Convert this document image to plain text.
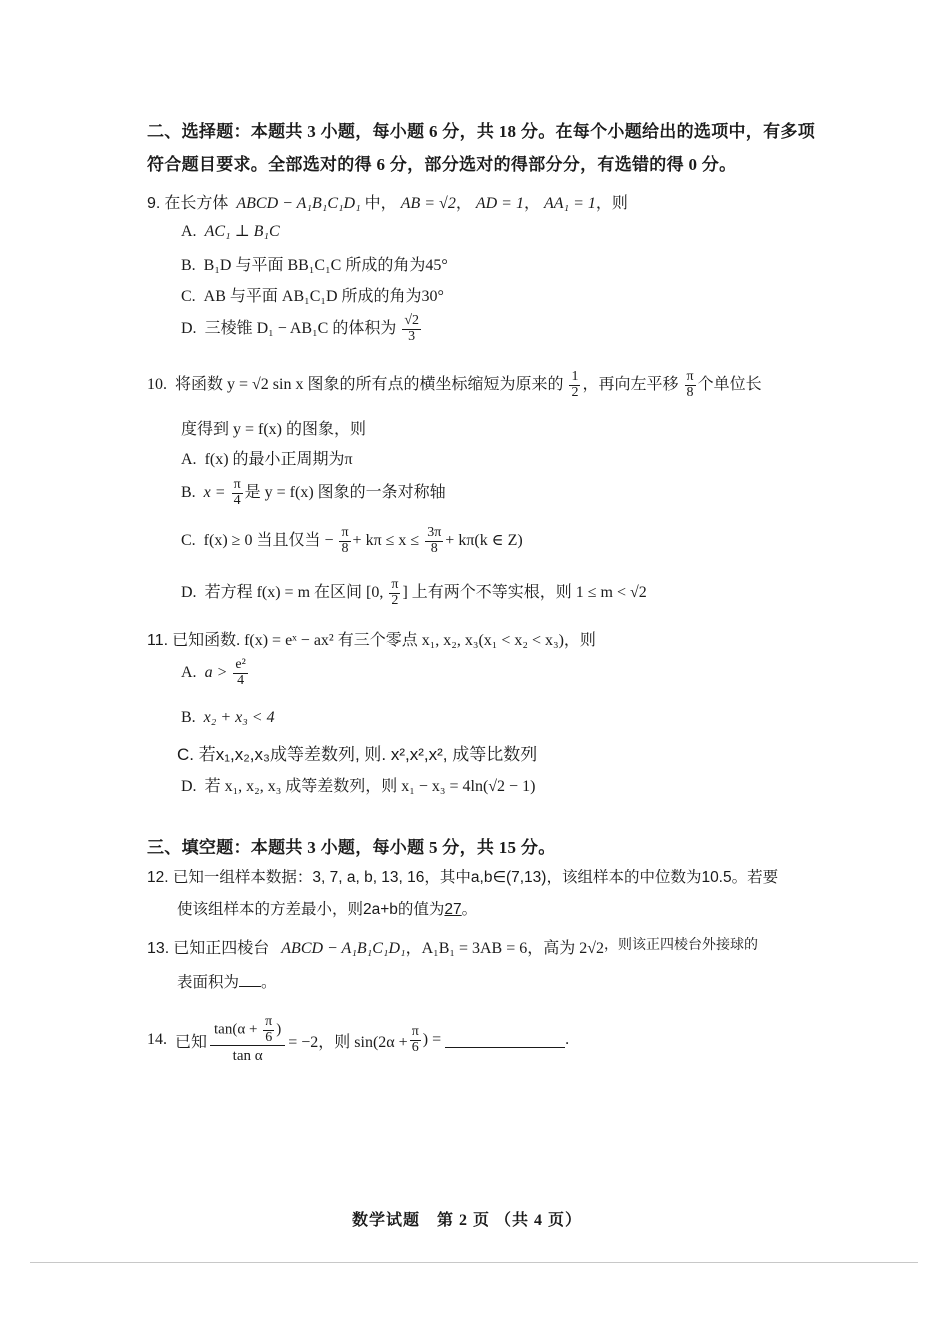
二、选择题：本题共 3 小题，每小题 6 分，共 18 分。在每个小题给出的选项中，有多项
符合题目要求。全部选对的得 6 分，部分选对的得部分分，有选错的得 0 分。
9. 在长方体 ABCD − A₁B₁C₁D₁ 中， AB = √2， AD = 1， AA₁ = 1，则
A. AC₁ ⊥ B₁C
B. B₁D 与平面 BB₁C₁C 所成的角为45°
C. AB 与平面 AB₁C₁D 所成的角为30°
D. 三棱锥 D₁ − AB₁C 的体积为 $\frac{√2}{3}$
10. 将函数 y = √2 sin x 图象的所有点的横坐标缩短为原来的 $\frac{1}{2}$ ，再向左平移 $\frac{\pi}{8}$ 个单位长
度得到 y = f(x) 的图象，则
A. f(x) 的最小正周期为π
B. $x = \frac{\pi}{4}$ 是 y = f(x) 图象的一条对称轴
C. f(x) ≥ 0 当且仅当 − $\frac{\pi}{8} + k\pi \le x \le \frac{3\pi}{8} + k\pi(k$ ∈ Z)
D. 若方程 f(x) = m 在区间 [0, $\frac{\pi}{2}$ ] 上有两个不等实根，则 1 ≤ m < √2
11. 已知函数. f(x) = eˣ − ax² 有三个零点 x₁, x₂, x₃(x₁ < x₂ < x₃)，则
A. $a > \frac{\text{e²}}{4}$
B. x₂ + x₃ < 4
C. 若x₁,x₂,x₃成等差数列, 则. x²,x²,x², 成等比数列
D. 若 x₁, x₂, x₃ 成等差数列，则 x₁ − x₃ = 4ln(√2 − 1)
三、填空题：本题共 3 小题，每小题 5 分，共 15 分。
12. 已知一组样本数据：3, 7, a, b, 13, 16，其中a,b∈(7,13)，该组样本的中位数为10.5。若要
使该组样本的方差最小，则2a+b的值为27。
13. 已知正四棱台 ABCD − A₁B₁C₁D₁，A₁B₁ = 3AB = 6，高为 2√2，则该正四棱台外接球的
表面积为 。
14.
已知 $\frac{\tan(\alpha + \frac{\pi}{6} )}{\text{tan α}} = -2$，则 $\sin(2\alpha + \frac{\pi}{6}$ ) =	.
数学试题　第 2 页 （共 4 页）
